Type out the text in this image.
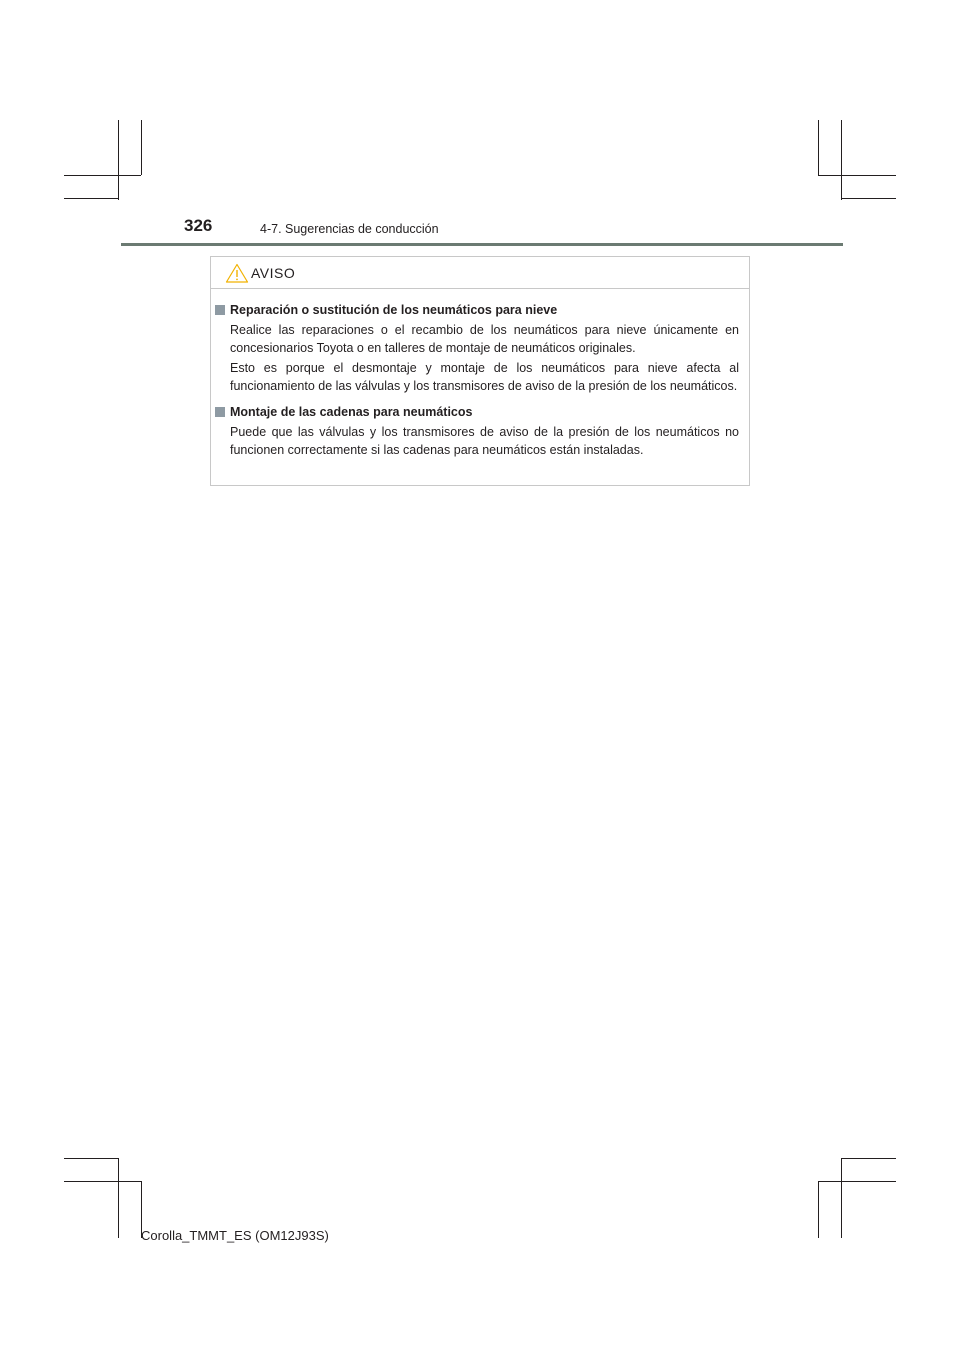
326	4-7. Sugerencias de conducción
AVISO
Reparación o sustitución de los neumáticos para nieve

Realice las reparaciones o el recambio de los neumáticos para nieve únicamente en concesionarios Toyota o en talleres de montaje de neumáticos originales.

Esto es porque el desmontaje y montaje de los neumáticos para nieve afecta al funcionamiento de las válvulas y los transmisores de aviso de la presión de los neumáticos.

Montaje de las cadenas para neumáticos

Puede que las válvulas y los transmisores de aviso de la presión de los neumáticos no funcionen correctamente si las cadenas para neumáticos están instaladas.

Corolla_TMMT_ES (OM12J93S)
